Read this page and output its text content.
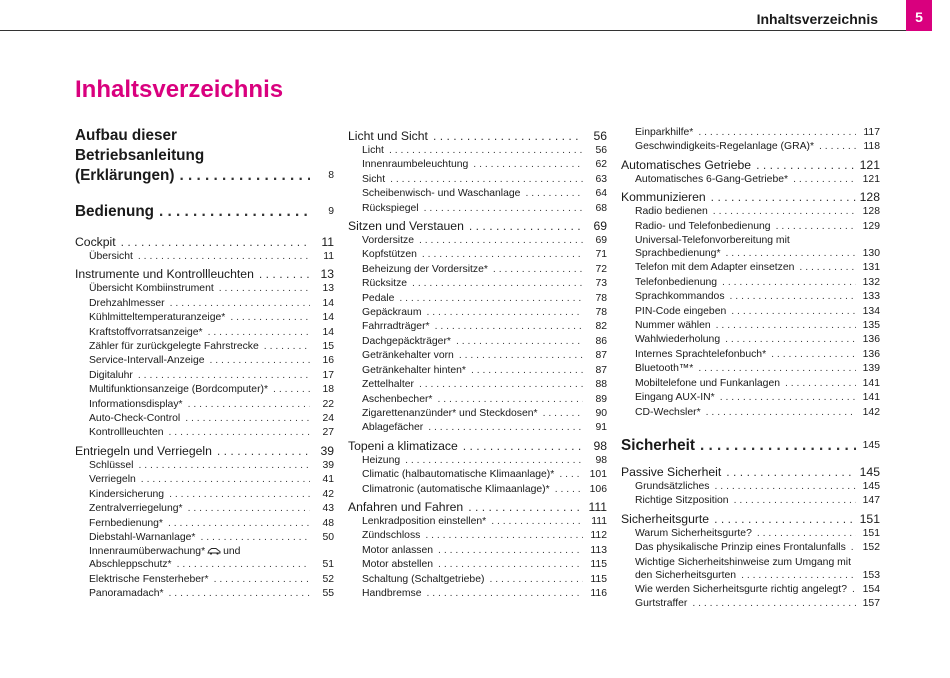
Inhaltsverzeichnis	5
Inhaltsverzeichnis
Aufbau dieser
Betriebsanleitung
(Erklärungen) . . .	8
Bedienung . . .	9
Cockpit . . .	11
Übersicht . . .	11
Instrumente und Kontrollleuchten . . .	13
Übersicht Kombiinstrument . . .	13
Drehzahlmesser . . .	14
Kühlmitteltemperaturanzeige* . . .	14
Kraftstoffvorratsanzeige* . . .	14
Zähler für zurückgelegte Fahrstrecke . . .	15
Service-Intervall-Anzeige . . .	16
Digitaluhr . . .	17
Multifunktionsanzeige (Bordcomputer)* . . .	18
Informationsdisplay* . . .	22
Auto-Check-Control . . .	24
Kontrollleuchten . . .	27
Entriegeln und Verriegeln . . .	39
Schlüssel . . .	39
Verriegeln . . .	41
Kindersicherung . . .	42
Zentralverriegelung* . . .	43
Fernbedienung* . . .	48
Diebstahl-Warnanlage* . . .	50
Innenraumüberwachung* und
Abschleppschutz* . . .	51
Elektrische Fensterheber* . . .	52
Panoramadach* . . .	55
Licht und Sicht . . .	56
Licht . . .	56
Innenraumbeleuchtung . . .	62
Sicht . . .	63
Scheibenwisch- und Waschanlage . . .	64
Rückspiegel . . .	68
Sitzen und Verstauen . . .	69
Vordersitze . . .	69
Kopfstützen . . .	71
Beheizung der Vordersitze* . . .	72
Rücksitze . . .	73
Pedale . . .	78
Gepäckraum . . .	78
Fahrradträger* . . .	82
Dachgepäckträger* . . .	86
Getränkehalter vorn . . .	87
Getränkehalter hinten* . . .	87
Zettelhalter . . .	88
Aschenbecher* . . .	89
Zigarettenanzünder* und Steckdosen* . . .	90
Ablagefächer . . .	91
Topeni a klimatizace . . .	98
Heizung . . .	98
Climatic (halbautomatische Klimaanlage)* . . .	101
Climatronic (automatische Klimaanlage)* . . .	106
Anfahren und Fahren . . .	111
Lenkradposition einstellen* . . .	111
Zündschloss . . .	112
Motor anlassen . . .	113
Motor abstellen . . .	115
Schaltung (Schaltgetriebe) . . .	115
Handbremse . . .	116
Einparkhilfe* . . .	117
Geschwindigkeits-Regelanlage (GRA)* . . .	118
Automatisches Getriebe . . .	121
Automatisches 6-Gang-Getriebe* . . .	121
Kommunizieren . . .	128
Radio bedienen . . .	128
Radio- und Telefonbedienung . . .	129
Universal-Telefonvorbereitung mit
Sprachbedienung* . . .	130
Telefon mit dem Adapter einsetzen . . .	131
Telefonbedienung . . .	132
Sprachkommandos . . .	133
PIN-Code eingeben . . .	134
Nummer wählen . . .	135
Wahlwiederholung . . .	136
Internes Sprachtelefonbuch* . . .	136
Bluetooth™* . . .	139
Mobiltelefone und Funkanlagen . . .	141
Eingang AUX-IN* . . .	141
CD-Wechsler* . . .	142
Sicherheit . . .	145
Passive Sicherheit . . .	145
Grundsätzliches . . .	145
Richtige Sitzposition . . .	147
Sicherheitsgurte . . .	151
Warum Sicherheitsgurte? . . .	151
Das physikalische Prinzip eines Frontalunfalls . . .	152
Wichtige Sicherheitshinweise zum Umgang mit
den Sicherheitsgurten . . .	153
Wie werden Sicherheitsgurte richtig angelegt? . . .	154
Gurtstraffer . . .	157
